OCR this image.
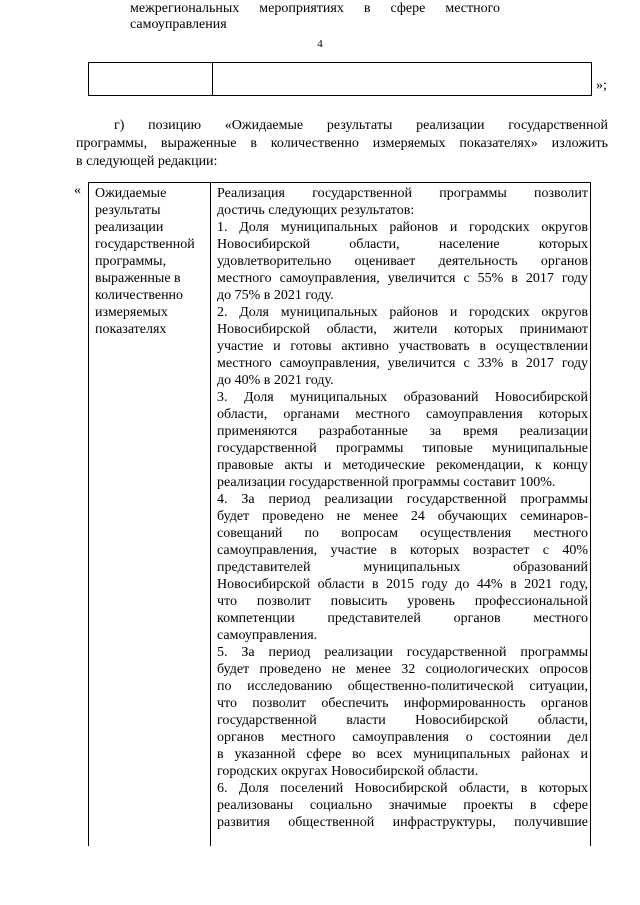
4
межрегиональных мероприятиях в сфере местного
самоуправления
»;
г) позицию «Ожидаемые результаты реализации государственной
программы, выраженные в количественно измеряемых показателях» изложить
в следующей редакции:
« Ожидаемые
результаты
реализации
государственной
программы,
выраженные в
количественно
измеряемых
показателях
Реализация государственной программы позволит
достичь следующих результатов:
1. Доля муниципальных районов и городских округов
Новосибирской области, население которых
удовлетворительно оценивает деятельность органов
местного самоуправления, увеличится с 55% в 2017 году
до 75% в 2021 году.
2. Доля муниципальных районов и городских округов
Новосибирской области, жители которых принимают
участие и готовы активно участвовать в осуществлении
местного самоуправления, увеличится с 33% в 2017 году
до 40% в 2021 году.
3. Доля муниципальных образований Новосибирской
области, органами местного самоуправления которых
применяются разработанные за время реализации
государственной программы типовые муниципальные
правовые акты и методические рекомендации, к концу
реализации государственной программы составит 100%.
4. За период реализации государственной программы
будет проведено не менее 24 обучающих семинаров-
совещаний по вопросам осуществления местного
самоуправления, участие в которых возрастет с 40%
представителей муниципальных образований
Новосибирской области в 2015 году до 44% в 2021 году,
что позволит повысить уровень профессиональной
компетенции представителей органов местного
самоуправления.
5. За период реализации государственной программы
будет проведено не менее 32 социологических опросов
по исследованию общественно-политической ситуации,
что позволит обеспечить информированность органов
государственной власти Новосибирской области,
органов местного самоуправления о состоянии дел
в указанной сфере во всех муниципальных районах и
городских округах Новосибирской области.
6. Доля поселений Новосибирской области, в которых
реализованы социально значимые проекты в сфере
развития общественной инфраструктуры, получившие
